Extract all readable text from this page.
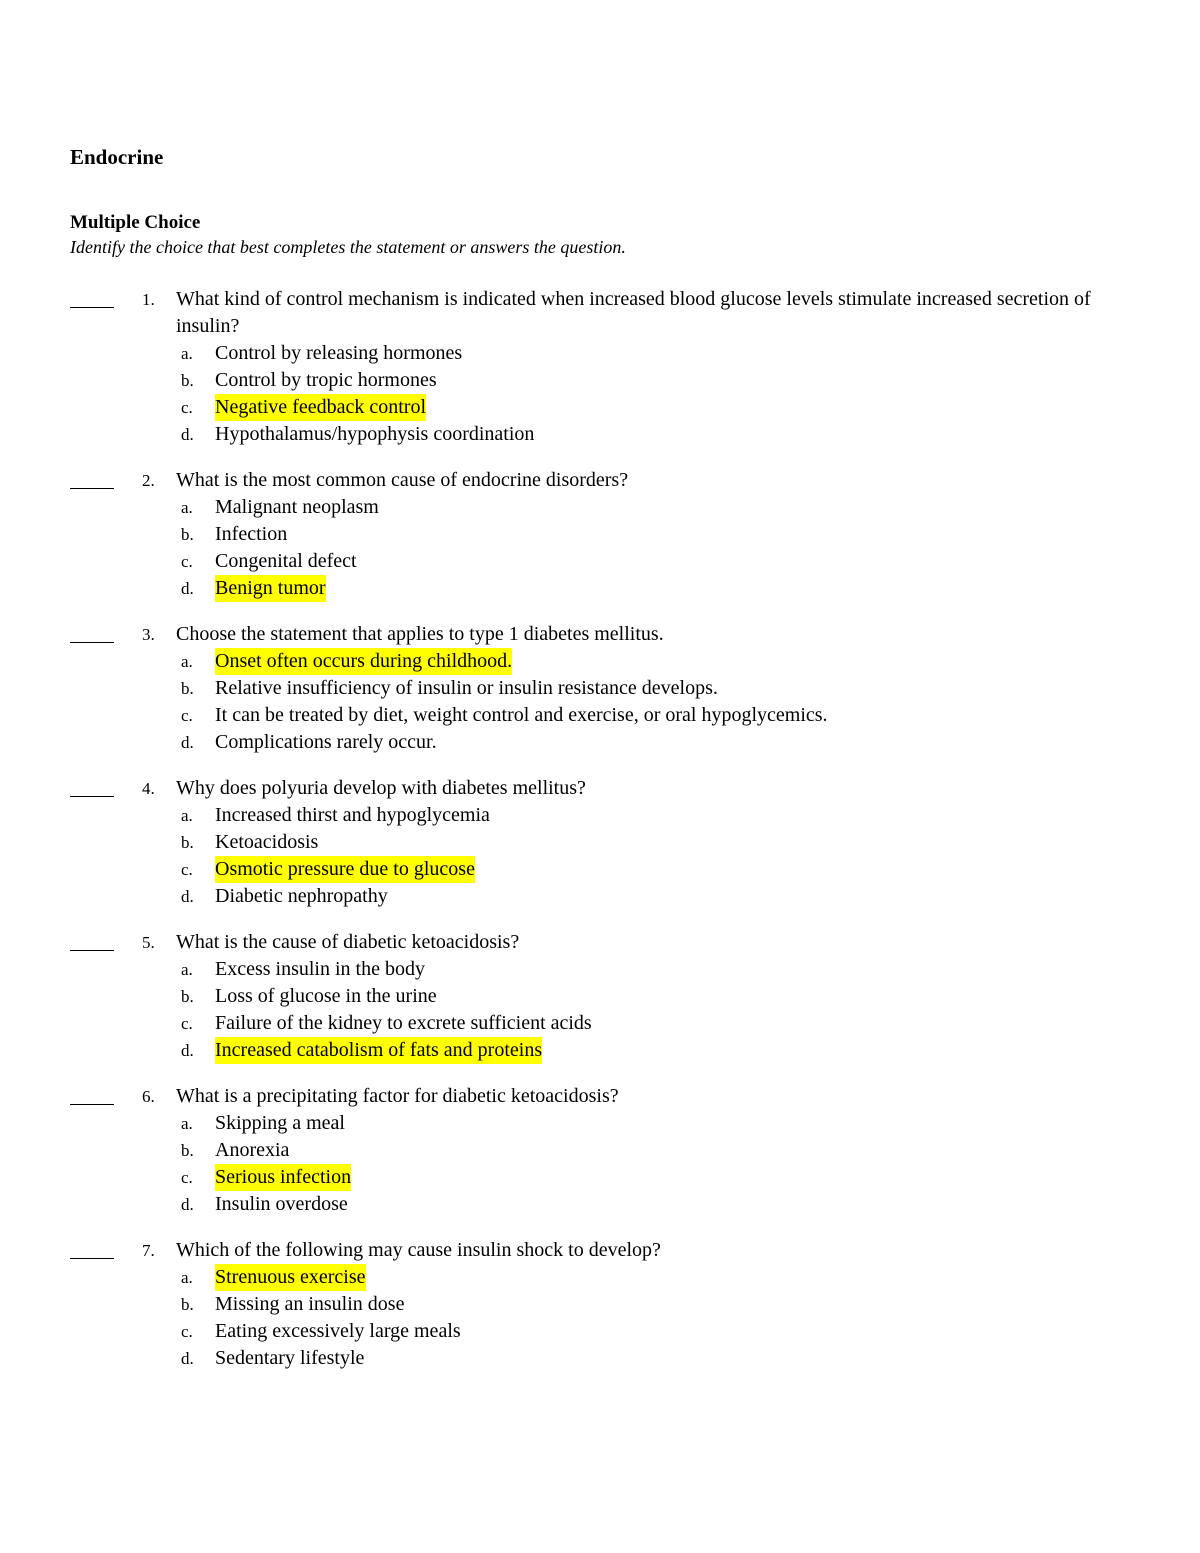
Endocrine
Multiple Choice
Identify the choice that best completes the statement or answers the question.
1.	What kind of control mechanism is indicated when increased blood glucose levels stimulate increased secretion of insulin?
a.	Control by releasing hormones
b.	Control by tropic hormones
c.	Negative feedback control
d.	Hypothalamus/hypophysis coordination
2.	What is the most common cause of endocrine disorders?
a.	Malignant neoplasm
b.	Infection
c.	Congenital defect
d.	Benign tumor
3.	Choose the statement that applies to type 1 diabetes mellitus.
a.	Onset often occurs during childhood.
b.	Relative insufficiency of insulin or insulin resistance develops.
c.	It can be treated by diet, weight control and exercise, or oral hypoglycemics.
d.	Complications rarely occur.
4.	Why does polyuria develop with diabetes mellitus?
a.	Increased thirst and hypoglycemia
b.	Ketoacidosis
c.	Osmotic pressure due to glucose
d.	Diabetic nephropathy
5.	What is the cause of diabetic ketoacidosis?
a.	Excess insulin in the body
b.	Loss of glucose in the urine
c.	Failure of the kidney to excrete sufficient acids
d.	Increased catabolism of fats and proteins
6.	What is a precipitating factor for diabetic ketoacidosis?
a.	Skipping a meal
b.	Anorexia
c.	Serious infection
d.	Insulin overdose
7.	Which of the following may cause insulin shock to develop?
a.	Strenuous exercise
b.	Missing an insulin dose
c.	Eating excessively large meals
d.	Sedentary lifestyle
